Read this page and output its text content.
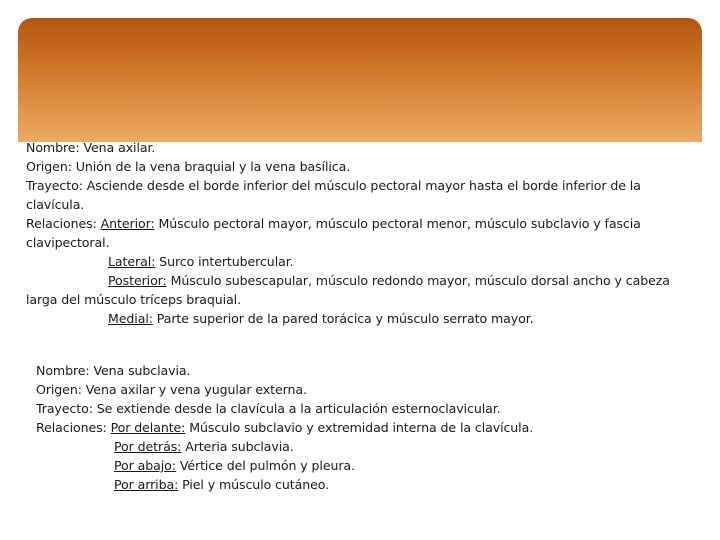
Nombre: Vena axilar.

Origen: Unión de la vena braquial y la vena basílica.

Trayecto: Asciende desde el borde inferior del músculo pectoral mayor hasta el borde inferior de la clavícula.

Relaciones: Anterior: Músculo pectoral mayor, músculo pectoral menor, músculo subclavio y fascia clavipectoral.

Lateral: Surco intertubercular.

Posterior: Músculo subescapular, músculo redondo mayor, músculo dorsal ancho y cabeza larga del músculo tríceps braquial.

Medial: Parte superior de la pared torácica y músculo serrato mayor.

Nombre: Vena subclavia.

Origen: Vena axilar y vena yugular externa.

Trayecto: Se extiende desde la clavícula a la articulación esternoclavicular.

Relaciones: Por delante: Músculo subclavio y extremidad interna de la clavícula.

Por detrás: Arteria subclavia.

Por abajo: Vértice del pulmón y pleura.

Por arriba: Piel y músculo cutáneo.
